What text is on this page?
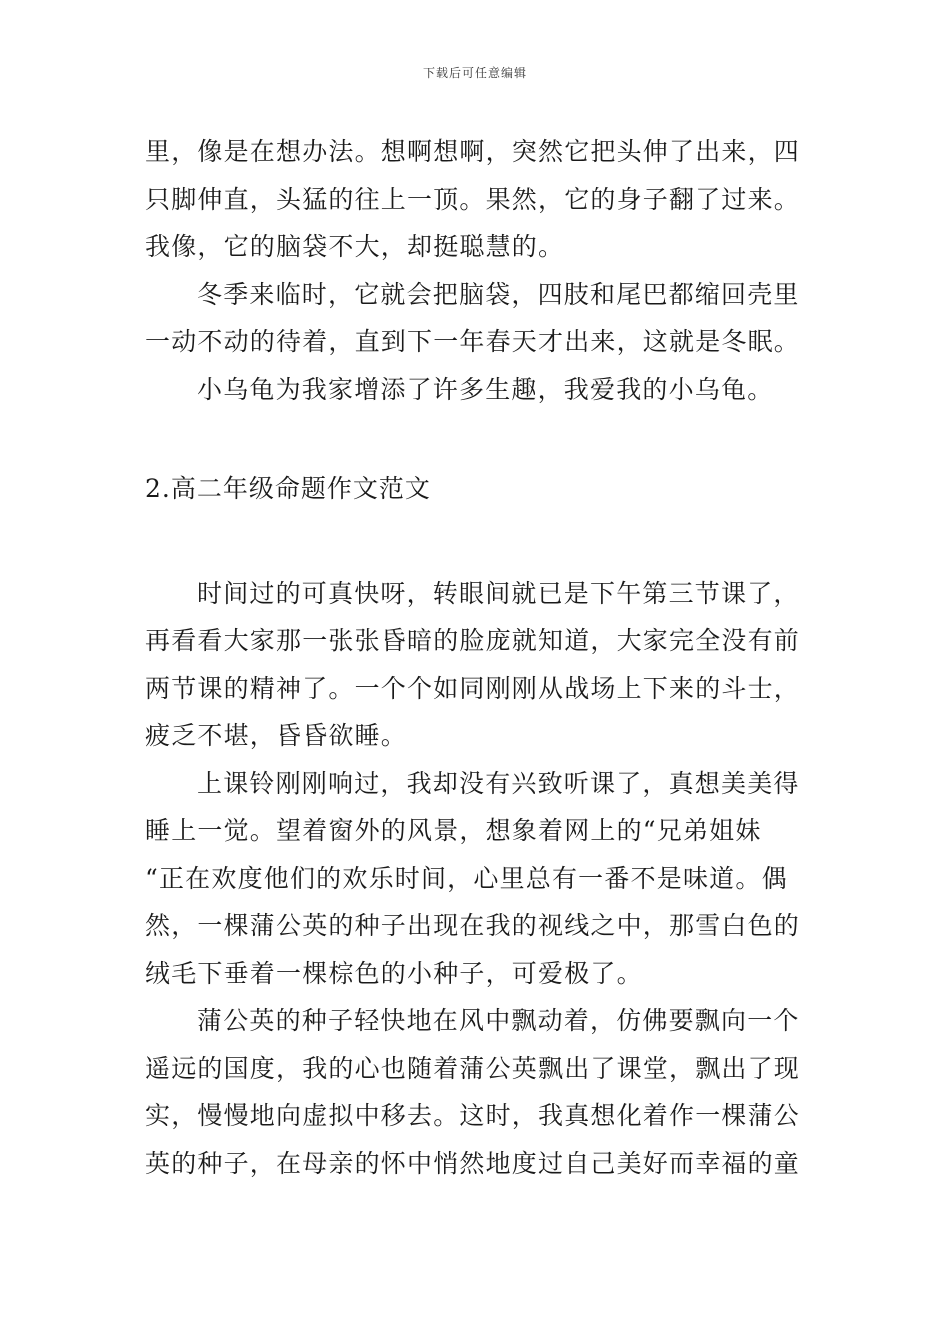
下载后可任意编辑
里，像是在想办法。想啊想啊，突然它把头伸了出来，四
只脚伸直，头猛的往上一顶。果然，它的身子翻了过来。
我像，它的脑袋不大，却挺聪慧的。
冬季来临时，它就会把脑袋，四肢和尾巴都缩回壳里
一动不动的待着，直到下一年春天才出来，这就是冬眠。
小乌龟为我家增添了许多生趣，我爱我的小乌龟。
2.高二年级命题作文范文
时间过的可真快呀，转眼间就已是下午第三节课了，
再看看大家那一张张昏暗的脸庞就知道，大家完全没有前
两节课的精神了。一个个如同刚刚从战场上下来的斗士，
疲乏不堪，昏昏欲睡。
上课铃刚刚响过，我却没有兴致听课了，真想美美得
睡上一觉。望着窗外的风景，想象着网上的“兄弟姐妹
“正在欢度他们的欢乐时间，心里总有一番不是味道。偶
然，一棵蒲公英的种子出现在我的视线之中，那雪白色的
绒毛下垂着一棵棕色的小种子，可爱极了。
蒲公英的种子轻快地在风中飘动着，仿佛要飘向一个
遥远的国度，我的心也随着蒲公英飘出了课堂，飘出了现
实，慢慢地向虚拟中移去。这时，我真想化着作一棵蒲公
英的种子，在母亲的怀中悄然地度过自己美好而幸福的童
